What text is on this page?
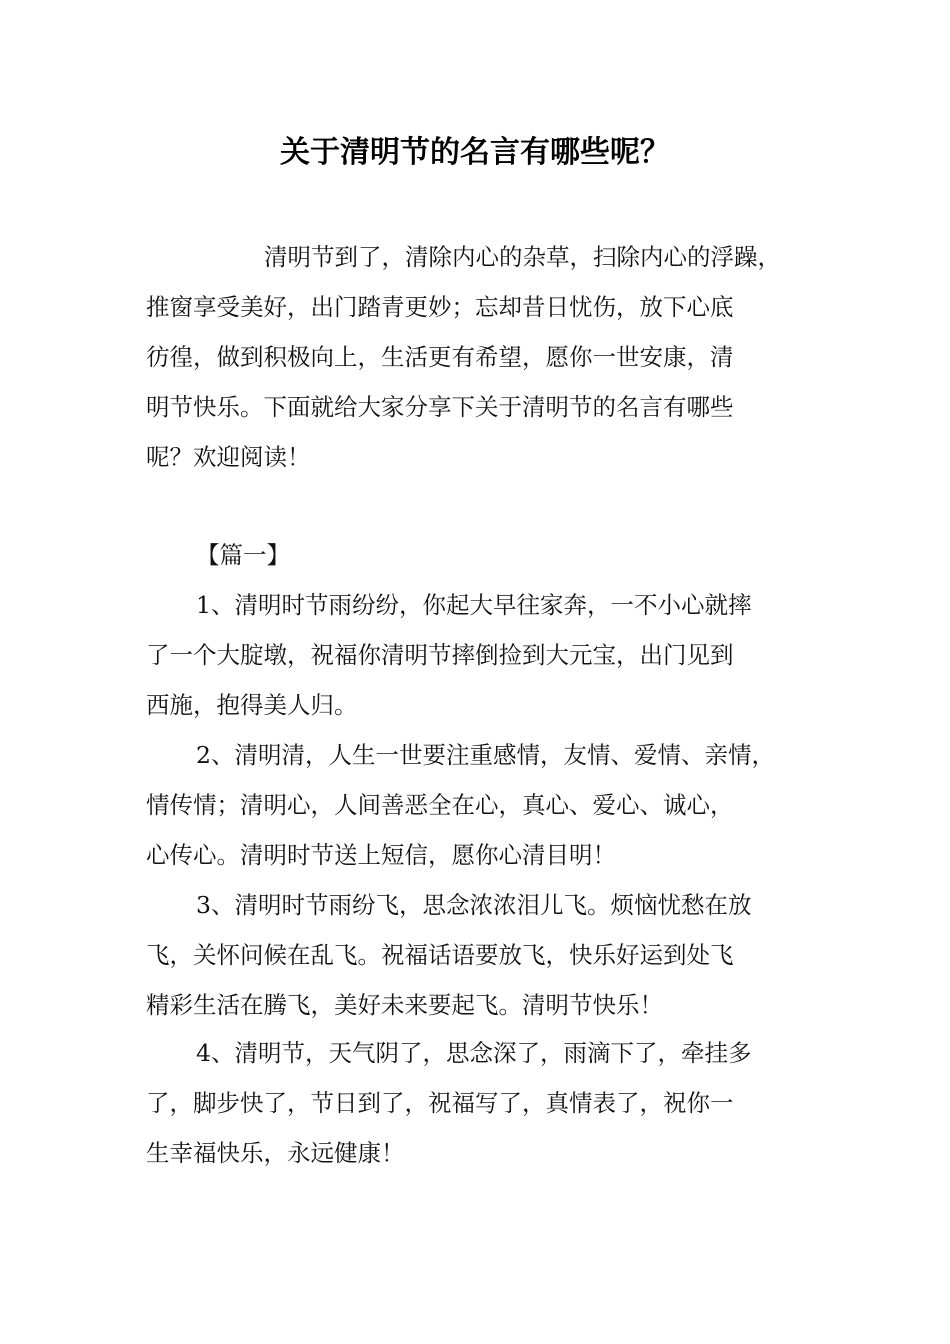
关于清明节的名言有哪些呢？
清明节到了，清除内心的杂草，扫除内心的浮躁，
推窗享受美好，出门踏青更妙；忘却昔日忧伤，放下心底
彷徨，做到积极向上，生活更有希望，愿你一世安康，清
明节快乐。下面就给大家分享下关于清明节的名言有哪些
呢？欢迎阅读！
【篇一】
1、清明时节雨纷纷，你起大早往家奔，一不小心就摔
了一个大腚墩，祝福你清明节摔倒捡到大元宝，出门见到
西施，抱得美人归。
2、清明清，人生一世要注重感情，友情、爱情、亲情，
情传情；清明心，人间善恶全在心，真心、爱心、诚心，
心传心。清明时节送上短信，愿你心清目明！
3、清明时节雨纷飞，思念浓浓泪儿飞。烦恼忧愁在放
飞，关怀问候在乱飞。祝福话语要放飞，快乐好运到处飞
精彩生活在腾飞，美好未来要起飞。清明节快乐！
4、清明节，天气阴了，思念深了，雨滴下了，牵挂多
了，脚步快了，节日到了，祝福写了，真情表了，祝你一
生幸福快乐，永远健康！
